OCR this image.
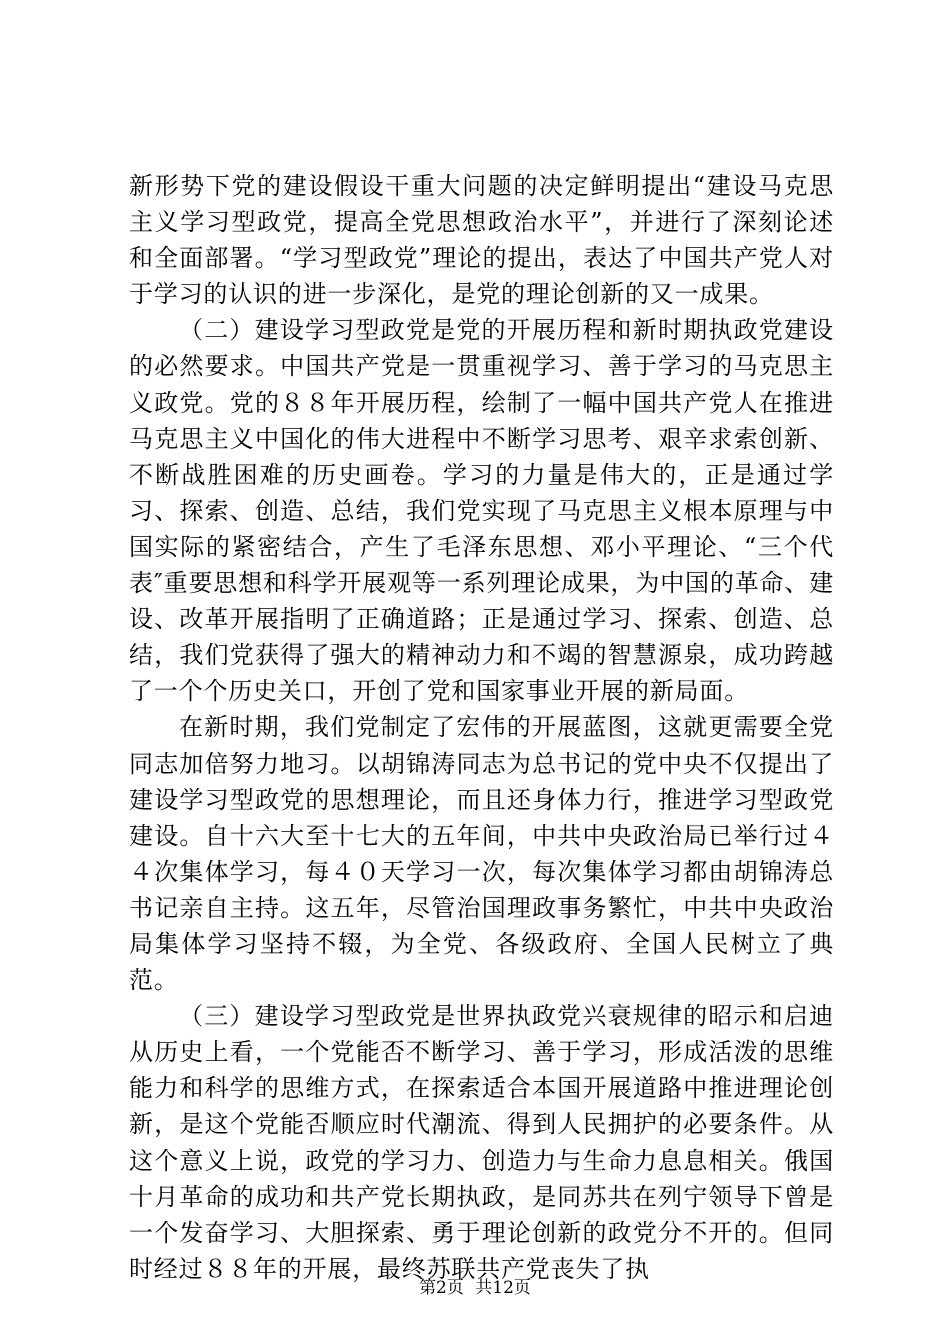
新形势下党的建设假设干重大问题的决定鲜明提出“建设马克思主义学习型政党，提高全党思想政治水平”，并进行了深刻论述和全面部署。“学习型政党”理论的提出，表达了中国共产党人对于学习的认识的进一步深化，是党的理论创新的又一成果。

（二）建设学习型政党是党的开展历程和新时期执政党建设的必然要求。中国共产党是一贯重视学习、善于学习的马克思主义政党。党的８８年开展历程，绘制了一幅中国共产党人在推进马克思主义中国化的伟大进程中不断学习思考、艰辛求索创新、不断战胜困难的历史画卷。学习的力量是伟大的，正是通过学习、探索、创造、总结，我们党实现了马克思主义根本原理与中国实际的紧密结合，产生了毛泽东思想、邓小平理论、“三个代表″重要思想和科学开展观等一系列理论成果，为中国的革命、建设、改革开展指明了正确道路；正是通过学习、探索、创造、总结，我们党获得了强大的精神动力和不竭的智慧源泉，成功跨越了一个个历史关口，开创了党和国家事业开展的新局面。

在新时期，我们党制定了宏伟的开展蓝图，这就更需要全党同志加倍努力地习。以胡锦涛同志为总书记的党中央不仅提出了建设学习型政党的思想理论，而且还身体力行，推进学习型政党建设。自十六大至十七大的五年间，中共中央政治局已举行过４４次集体学习，每４０天学习一次，每次集体学习都由胡锦涛总书记亲自主持。这五年，尽管治国理政事务繁忙，中共中央政治局集体学习坚持不辍，为全党、各级政府、全国人民树立了典范。

（三）建设学习型政党是世界执政党兴衰规律的昭示和启迪从历史上看，一个党能否不断学习、善于学习，形成活泼的思维能力和科学的思维方式，在探索适合本国开展道路中推进理论创新，是这个党能否顺应时代潮流、得到人民拥护的必要条件。从这个意义上说，政党的学习力、创造力与生命力息息相关。俄国十月革命的成功和共产党长期执政，是同苏共在列宁领导下曾是一个发奋学习、大胆探索、勇于理论创新的政党分不开的。但同时经过８８年的开展，最终苏联共产党丧失了执

第2页 共12页
